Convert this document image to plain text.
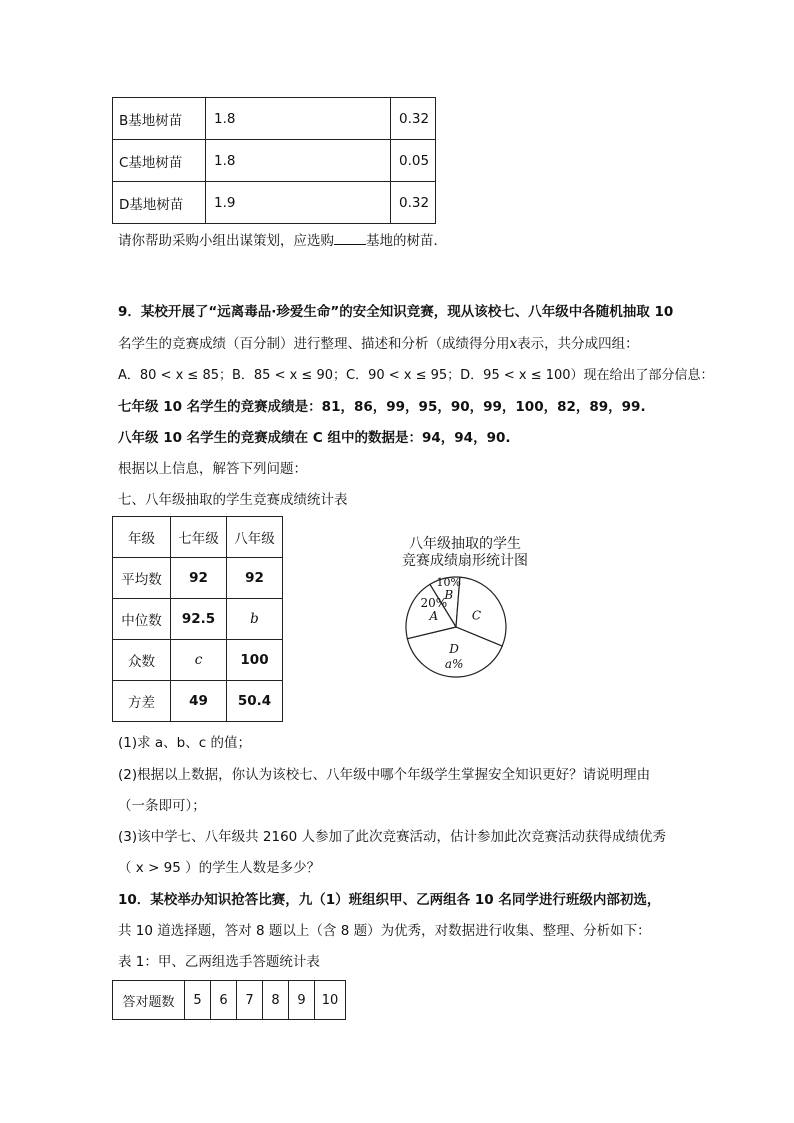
B基地树苗	1.8	0.32
C基地树苗	1.8	0.05
D基地树苗	1.9	0.32
请你帮助采购小组出谋策划，应选购 基地的树苗．
9．某校开展了“远离毒品·珍爱生命”的安全知识竞赛，现从该校七、八年级中各随机抽取 10
名学生的竞赛成绩（百分制）进行整理、描述和分析（成绩得分用x表示，共分成四组：
A．80 < x ≤ 85；B．85 < x ≤ 90；C．90 < x ≤ 95；D．95 < x ≤ 100）现在给出了部分信息：
七年级 10 名学生的竞赛成绩是：81，86，99，95，90，99，100，82，89，99.
八年级 10 名学生的竞赛成绩在 C 组中的数据是：94，94，90.
根据以上信息，解答下列问题：
七、八年级抽取的学生竞赛成绩统计表
年级	七年级	八年级
平均数	92	92
中位数	92.5	b
众数	c	100
方差	49	50.4
八年级抽取的学生
竞赛成绩扇形统计图
B
10%
C
D
a%
A
20%
(1)求 a、b、c 的值；
(2)根据以上数据，你认为该校七、八年级中哪个年级学生掌握安全知识更好？请说明理由
（一条即可）；
(3)该中学七、八年级共 2160 人参加了此次竞赛活动，估计参加此次竞赛活动获得成绩优秀
（ x > 95 ）的学生人数是多少？
10．某校举办知识抢答比赛，九（1）班组织甲、乙两组各 10 名同学进行班级内部初选，
共 10 道选择题，答对 8 题以上（含 8 题）为优秀，对数据进行收集、整理、分析如下：
表 1：甲、乙两组选手答题统计表
答对题数	5	6	7	8	9	10
